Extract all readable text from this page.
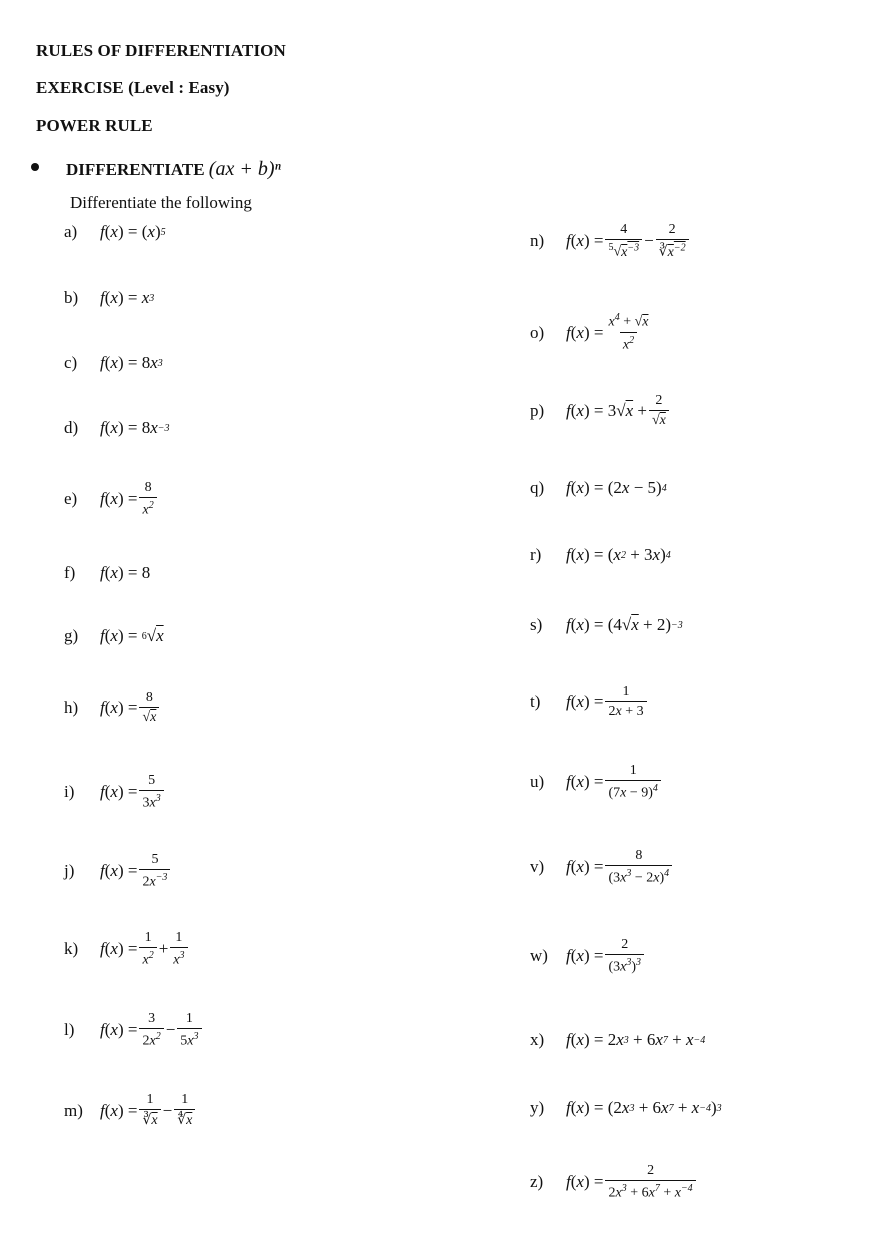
RULES OF DIFFERENTIATION
EXERCISE (Level : Easy)
POWER RULE
DIFFERENTIATE (ax + b)ⁿ
Differentiate the following
a)	f ( x )
=
( x ) 5
b)	f ( x )
= x 3
c)	f ( x )
=
8 x 3
d)	f ( x )
=
8 x −3
e)	f ( x )
= $\frac{8}{x^2}$
f)	f ( x )
=
8
g)	f ( x )
=
6 √ x
h)	f ( x )
= $\frac{8}{√x}$
i)	f ( x )
= $\frac{5}{3x^3}$
j)	f ( x )
= $\frac{5}{2x^{-3}}$
k)	f ( x )
= $\frac{1}{x^2} + \frac{1}{x^3}$
l)	f ( x )
= $\frac{3}{2x^2} - \frac{1}{5x^3}$
m)	f ( x )
= $\frac{1}{∛\overline{x}} - \frac{1}{∜\overline{x}}$
n)	f ( x )
= $\frac{4}{^5√x^{-3}} - \frac{2}{∛x^{-2}}$
o)	f ( x )
= $\frac{x^4 + √x}{x^2}$
p)	f ( x )
=
3√ x
+ $\frac{2}{√x}$
q)	f ( x )
=
(2 x − 5) 4
r)	f ( x )
=
( x 2 + 3 x ) 4
s)	f ( x )
=
(4√ x + 2) −3
t)	f ( x )
= $\frac{1}{2x + 3}$
u)	f ( x )
= $\frac{1}{(7x - 9)^4}$
v)	f ( x )
= $\frac{8}{(3x^3 - 2x)^4}$
w)	f ( x )
= $\frac{2}{(3x^3)^3}$
x)	f ( x )
=
2 x 3 + 6 x 7 + x −4
y)	f ( x )
=
(2 x 3 + 6 x 7 + x −4 ) 3
z)	f ( x )
= $\frac{2}{2x^3 + 6x^7 + x^{-4}}$
